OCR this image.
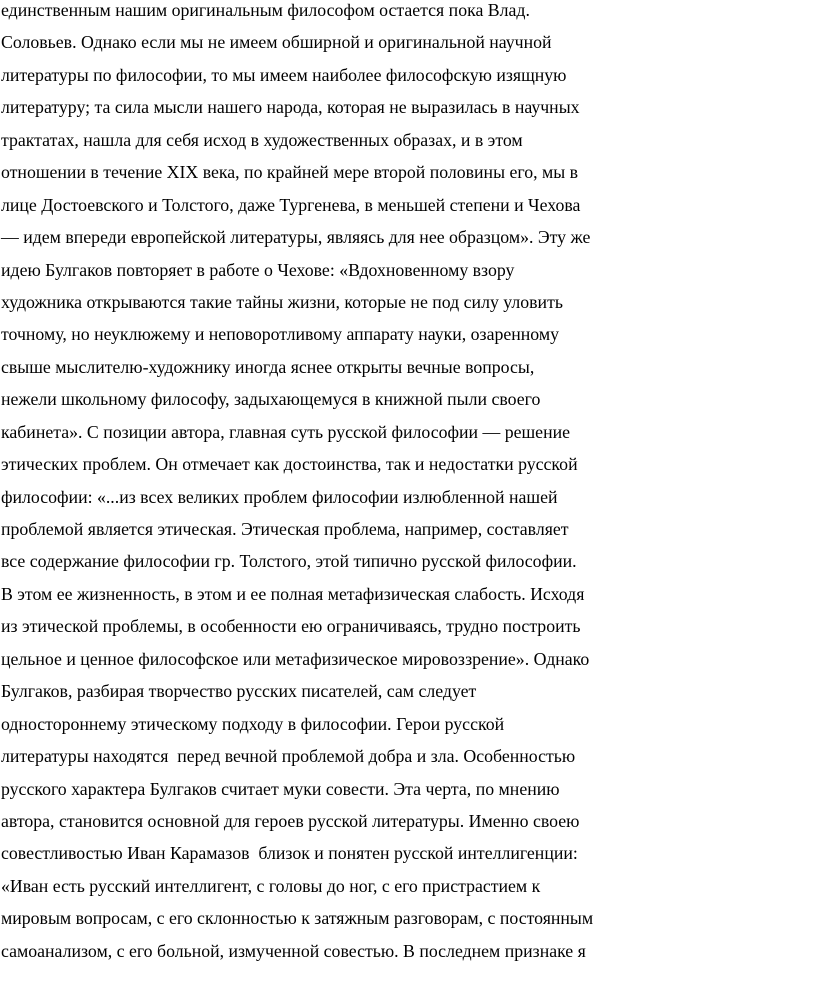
единственным нашим оригинальным философом остается пока Влад.
Соловьев. Однако если мы не имеем обширной и оригинальной научной
литературы по философии, то мы имеем наиболее философскую изящную
литературу; та сила мысли нашего народа, которая не выразилась в научных
трактатах, нашла для себя исход в художественных образах, и в этом
отношении в течение XIX века, по крайней мере второй половины его, мы в
лице Достоевского и Толстого, даже Тургенева, в меньшей степени и Чехова
— идем впереди европейской литературы, являясь для нее образцом». Эту же
идею Булгаков повторяет в работе о Чехове: «Вдохновенному взору
художника открываются такие тайны жизни, которые не под силу уловить
точному, но неуклюжему и неповоротливому аппарату науки, озаренному
свыше мыслителю-художнику иногда яснее открыты вечные вопросы,
нежели школьному философу, задыхающемуся в книжной пыли своего
кабинета». С позиции автора, главная суть русской философии — решение
этических проблем. Он отмечает как достоинства, так и недостатки русской
философии: «...из всех великих проблем философии излюбленной нашей
проблемой является этическая. Этическая проблема, например, составляет
все содержание философии гр. Толстого, этой типично русской философии.
В этом ее жизненность, в этом и ее полная метафизическая слабость. Исходя
из этической проблемы, в особенности ею ограничиваясь, трудно построить
цельное и ценное философское или метафизическое мировоззрение». Однако
Булгаков, разбирая творчество русских писателей, сам следует
одностороннему этическому подходу в философии. Герои русской
литературы находятся  перед вечной проблемой добра и зла. Особенностью
русского характера Булгаков считает муки совести. Эта черта, по мнению
автора, становится основной для героев русской литературы. Именно своею
совестливостью Иван Карамазов  близок и понятен русской интеллигенции:
«Иван есть русский интеллигент, с головы до ног, с его пристрастием к
мировым вопросам, с его склонностью к затяжным разговорам, с постоянным
самоанализом, с его больной, измученной совестью. В последнем признаке я
